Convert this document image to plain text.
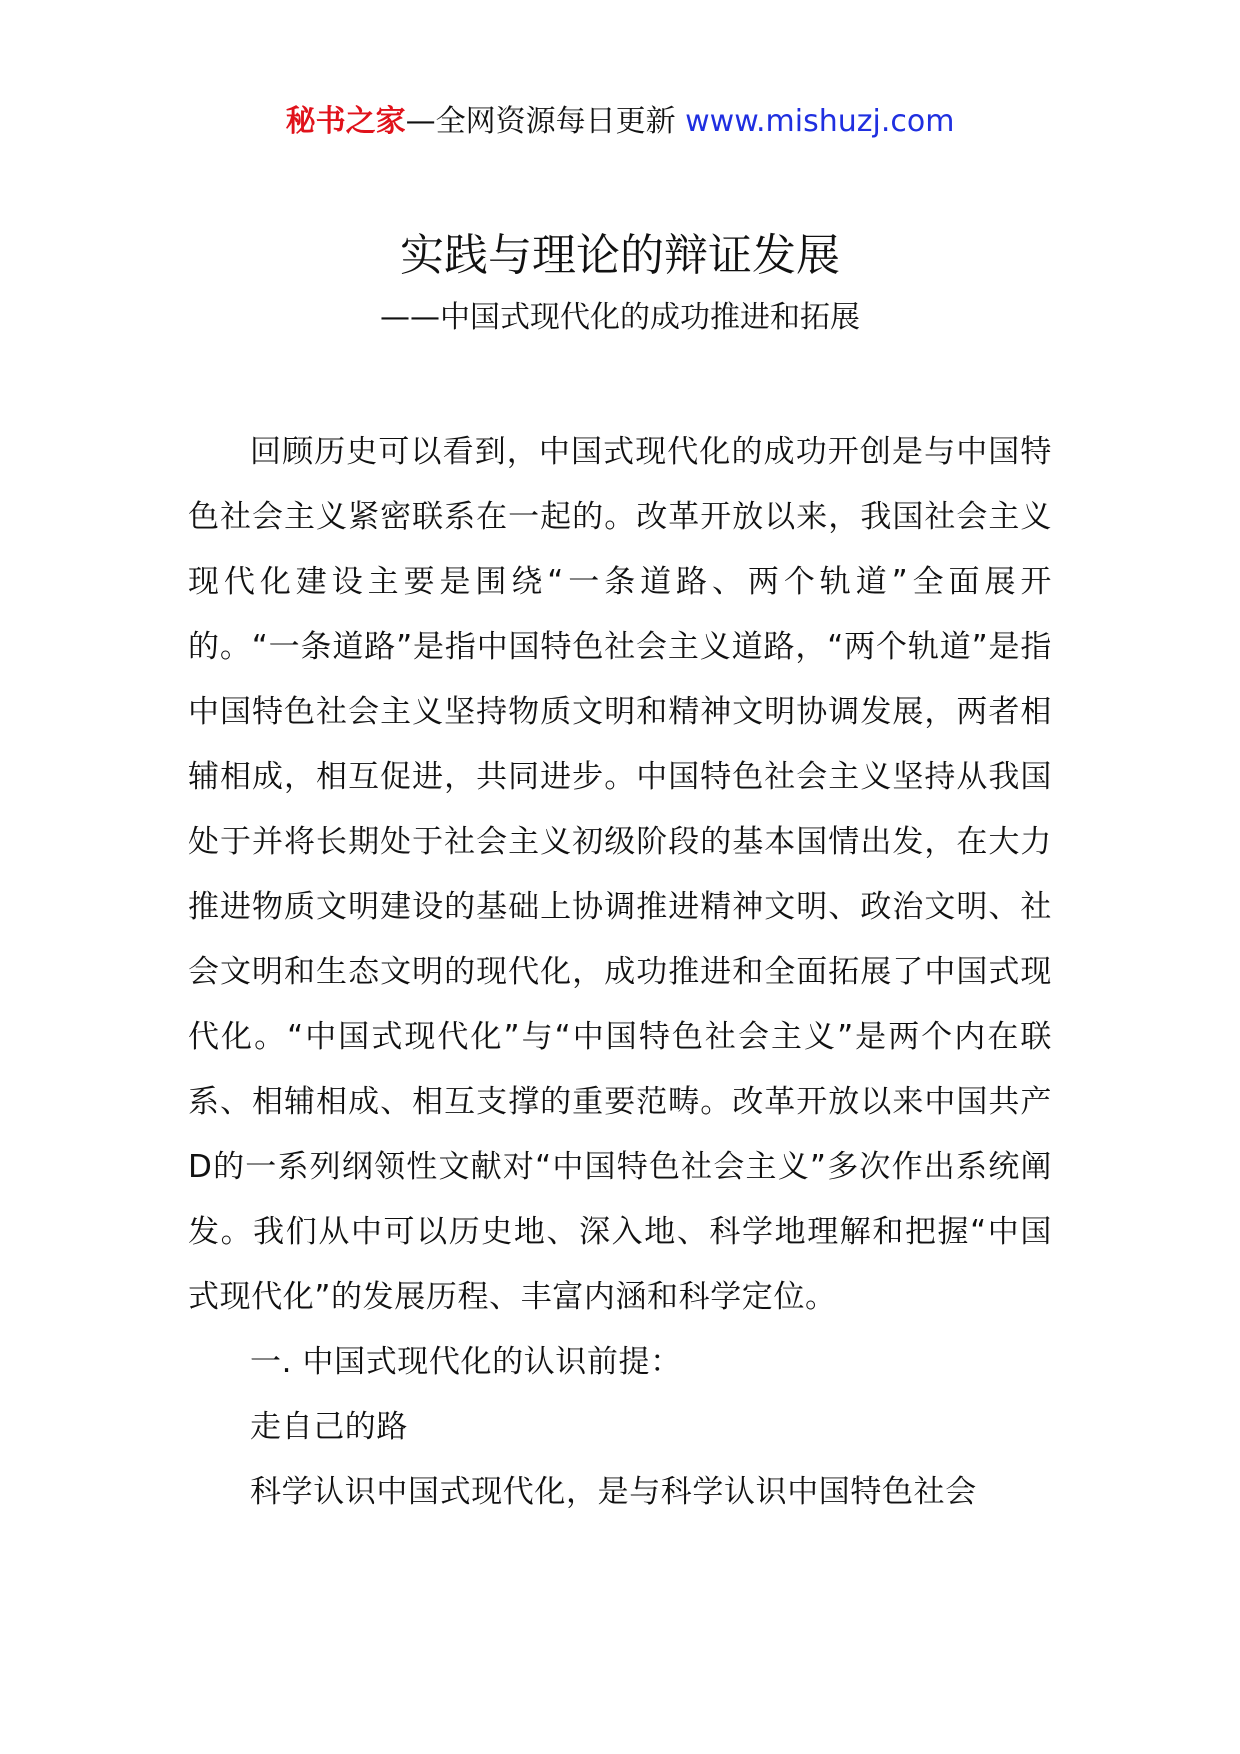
秘书之家—全网资源每日更新 www.mishuzj.com
实践与理论的辩证发展
——中国式现代化的成功推进和拓展

回顾历史可以看到，中国式现代化的成功开创是与中国特色社会主义紧密联系在一起的。改革开放以来，我国社会主义现代化建设主要是围绕“一条道路、两个轨道”全面展开的。“一条道路”是指中国特色社会主义道路，“两个轨道”是指中国特色社会主义坚持物质文明和精神文明协调发展，两者相辅相成，相互促进，共同进步。中国特色社会主义坚持从我国处于并将长期处于社会主义初级阶段的基本国情出发，在大力推进物质文明建设的基础上协调推进精神文明、政治文明、社会文明和生态文明的现代化，成功推进和全面拓展了中国式现代化。“中国式现代化”与“中国特色社会主义”是两个内在联系、相辅相成、相互支撑的重要范畴。改革开放以来中国共产D的一系列纲领性文献对“中国特色社会主义”多次作出系统阐发。我们从中可以历史地、深入地、科学地理解和把握“中国式现代化”的发展历程、丰富内涵和科学定位。

一. 中国式现代化的认识前提：

走自己的路

科学认识中国式现代化，是与科学认识中国特色社会
